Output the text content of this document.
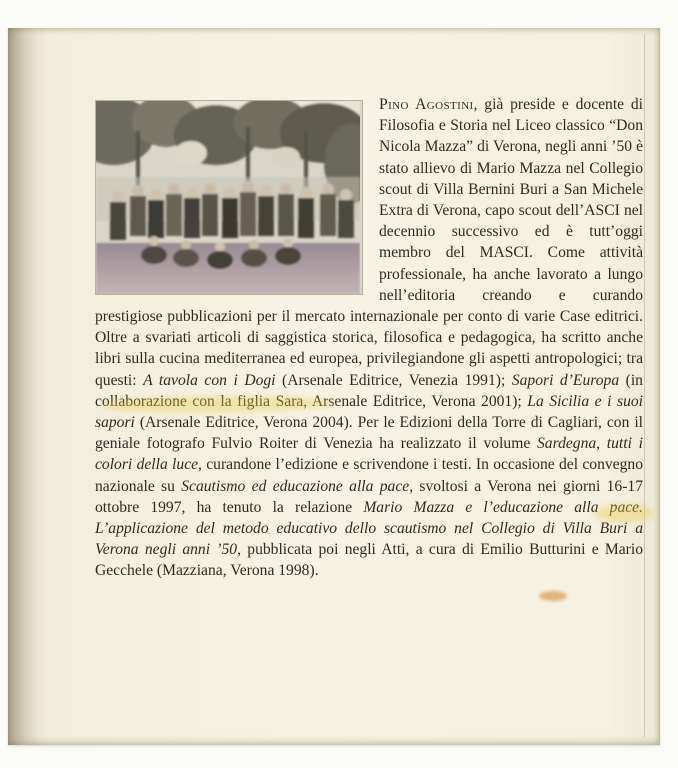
Pino Agostini, già preside e docente di Filosofia e Storia nel Liceo classico “Don Nicola Mazza” di Verona, negli anni ’50 è stato allievo di Mario Mazza nel Collegio scout di Villa Bernini Buri a San Michele Extra di Verona, capo scout dell’ASCI nel decennio successivo ed è tutt’oggi membro del MASCI. Come attività professionale, ha anche lavorato a lungo nell’editoria creando e curando prestigiose pubblicazioni per il mercato internazionale per conto di varie Case editrici. Oltre a svariati articoli di saggistica storica, filosofica e pedagogica, ha scritto anche libri sulla cucina mediterranea ed europea, privilegiandone gli aspetti antropologici; tra questi: A tavola con i Dogi (Arsenale Editrice, Venezia 1991); Sapori d’Europa (in collaborazione con la figlia Sara, Arsenale Editrice, Verona 2001); La Sicilia e i suoi sapori (Arsenale Editrice, Verona 2004). Per le Edizioni della Torre di Cagliari, con il geniale fotografo Fulvio Roiter di Venezia ha realizzato il volume Sardegna, tutti i colori della luce, curandone l’edizione e scrivendone i testi. In occasione del convegno nazionale su Scautismo ed educazione alla pace, svoltosi a Verona nei giorni 16-17 ottobre 1997, ha tenuto la relazione Mario Mazza e l’educazione alla pace. L’applicazione del metodo educativo dello scautismo nel Collegio di Villa Buri a Verona negli anni ’50, pubblicata poi negli Atti, a cura di Emilio Butturini e Mario Gecchele (Mazziana, Verona 1998).
